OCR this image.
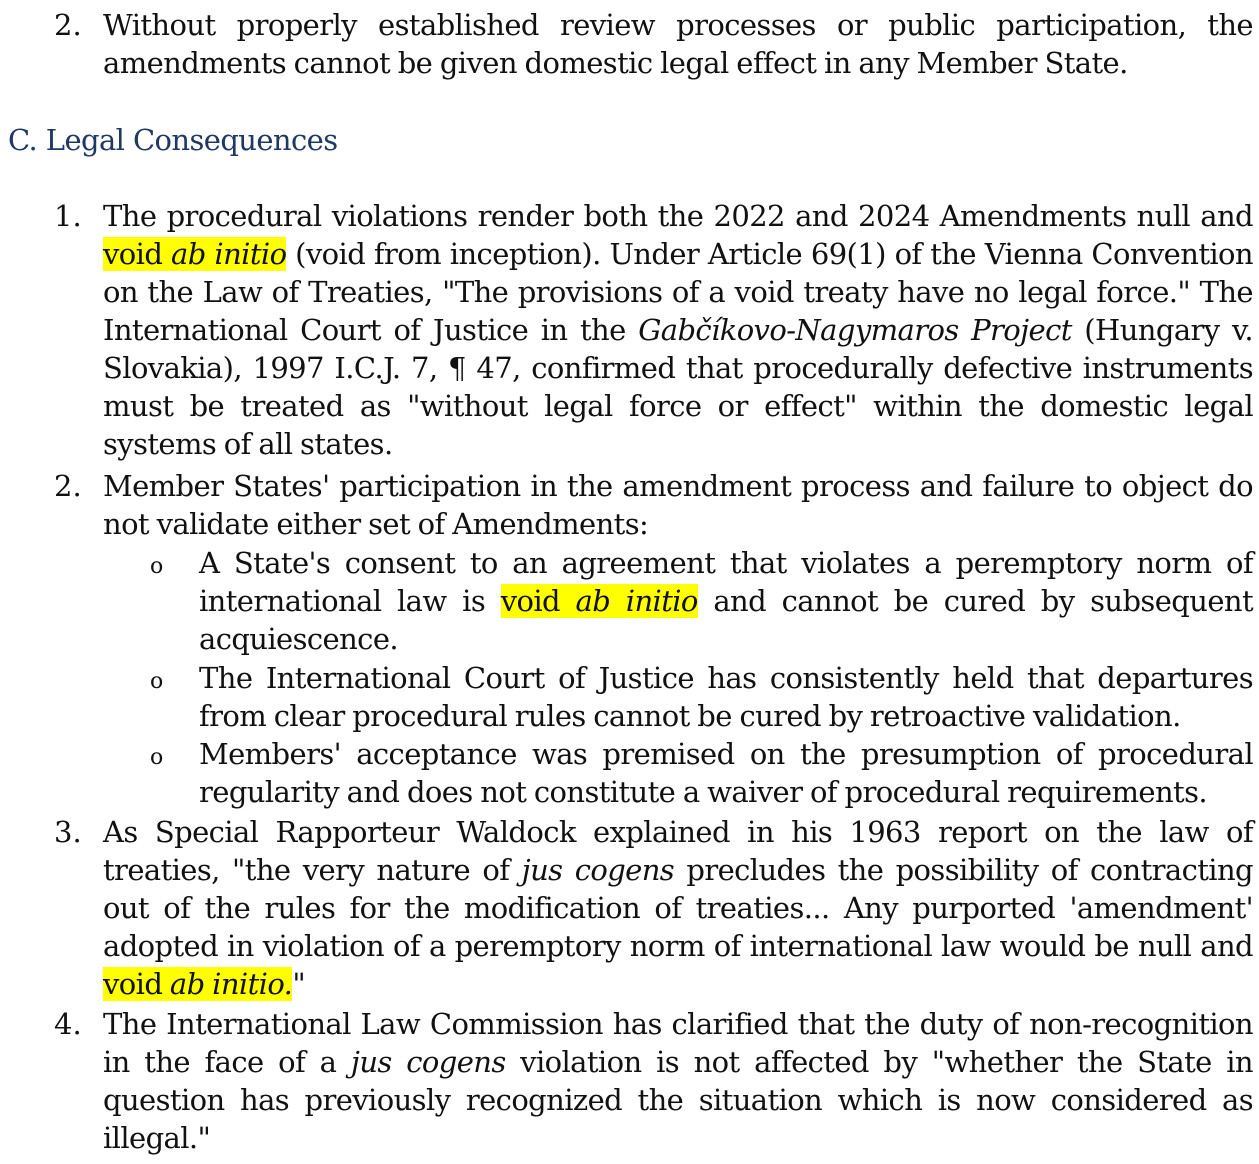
2. Without properly established review processes or public participation, the amendments cannot be given domestic legal effect in any Member State.
C. Legal Consequences
1. The procedural violations render both the 2022 and 2024 Amendments null and void ab initio (void from inception). Under Article 69(1) of the Vienna Convention on the Law of Treaties, "The provisions of a void treaty have no legal force." The International Court of Justice in the Gabčíkovo-Nagymaros Project (Hungary v. Slovakia), 1997 I.C.J. 7, ¶ 47, confirmed that procedurally defective instruments must be treated as "without legal force or effect" within the domestic legal systems of all states.
2. Member States' participation in the amendment process and failure to object do not validate either set of Amendments:
o	A State's consent to an agreement that violates a peremptory norm of international law is void ab initio and cannot be cured by subsequent acquiescence.
o	The International Court of Justice has consistently held that departures from clear procedural rules cannot be cured by retroactive validation.
o	Members' acceptance was premised on the presumption of procedural regularity and does not constitute a waiver of procedural requirements.
3. As Special Rapporteur Waldock explained in his 1963 report on the law of treaties, "the very nature of jus cogens precludes the possibility of contracting out of the rules for the modification of treaties... Any purported 'amendment' adopted in violation of a peremptory norm of international law would be null and void ab initio."
4. The International Law Commission has clarified that the duty of non-recognition in the face of a jus cogens violation is not affected by "whether the State in question has previously recognized the situation which is now considered as illegal."
